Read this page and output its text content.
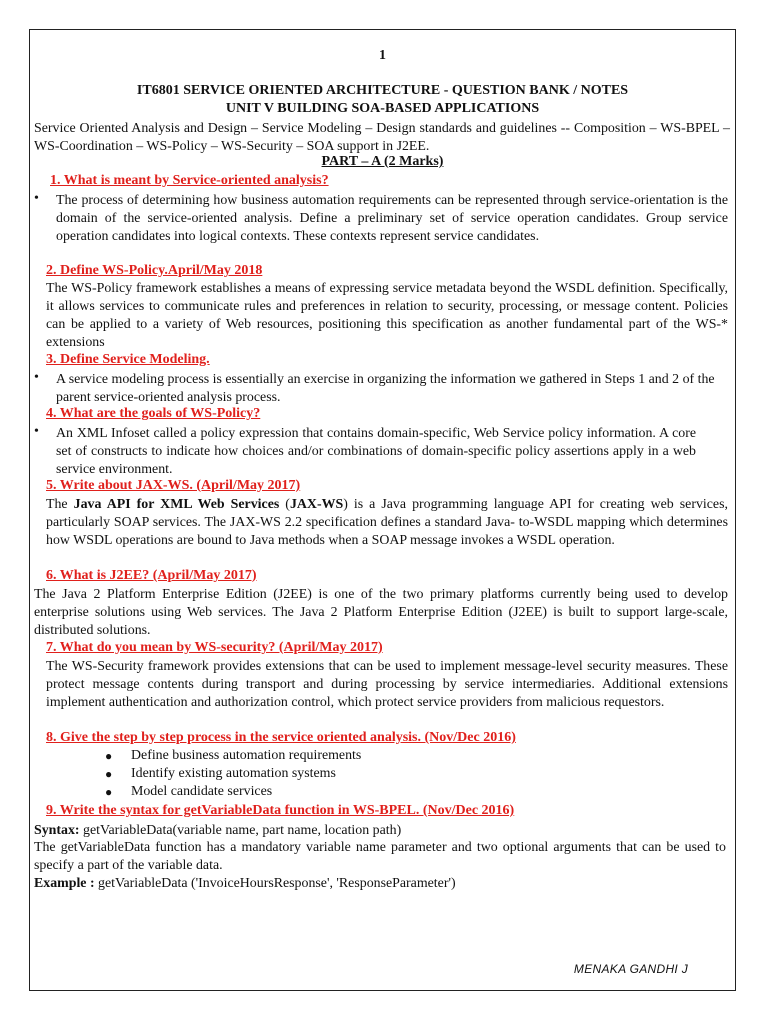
1
IT6801 SERVICE ORIENTED ARCHITECTURE - QUESTION BANK / NOTES
UNIT V BUILDING SOA-BASED APPLICATIONS
Service Oriented Analysis and Design – Service Modeling – Design standards and guidelines -- Composition – WS-BPEL – WS-Coordination – WS-Policy – WS-Security – SOA support in J2EE.
PART – A (2 Marks)
1. What is meant by Service-oriented analysis?
• The process of determining how business automation requirements can be represented through service-orientation is the domain of the service-oriented analysis. Define a preliminary set of service operation candidates. Group service operation candidates into logical contexts. These contexts represent service candidates.
2. Define WS-Policy.April/May 2018
The WS-Policy framework establishes a means of expressing service metadata beyond the WSDL definition. Specifically, it allows services to communicate rules and preferences in relation to security, processing, or message content. Policies can be applied to a variety of Web resources, positioning this specification as another fundamental part of the WS-* extensions
3. Define Service Modeling.
• A service modeling process is essentially an exercise in organizing the information we gathered in Steps 1 and 2 of the parent service-oriented analysis process.
4. What are the goals of WS-Policy?
• An XML Infoset called a policy expression that contains domain-specific, Web Service policy information. A core set of constructs to indicate how choices and/or combinations of domain-specific policy assertions apply in a web service environment.
5. Write about JAX-WS. (April/May 2017)
The Java API for XML Web Services (JAX-WS) is a Java programming language API for creating web services, particularly SOAP services. The JAX-WS 2.2 specification defines a standard Java- to-WSDL mapping which determines how WSDL operations are bound to Java methods when a SOAP message invokes a WSDL operation.
6. What is J2EE? (April/May 2017)
The Java 2 Platform Enterprise Edition (J2EE) is one of the two primary platforms currently being used to develop enterprise solutions using Web services. The Java 2 Platform Enterprise Edition (J2EE) is built to support large-scale, distributed solutions.
7. What do you mean by WS-security? (April/May 2017)
The WS-Security framework provides extensions that can be used to implement message-level security measures. These protect message contents during transport and during processing by service intermediaries. Additional extensions implement authentication and authorization control, which protect service providers from malicious requestors.
8. Give the step by step process in the service oriented analysis. (Nov/Dec 2016)
● Define business automation requirements
● Identify existing automation systems
● Model candidate services
9. Write the syntax for getVariableData function in WS-BPEL. (Nov/Dec 2016)
Syntax: getVariableData(variable name, part name, location path)
The getVariableData function has a mandatory variable name parameter and two optional arguments that can be used to specify a part of the variable data.
Example : getVariableData ('InvoiceHoursResponse', 'ResponseParameter')
MENAKA GANDHI J
